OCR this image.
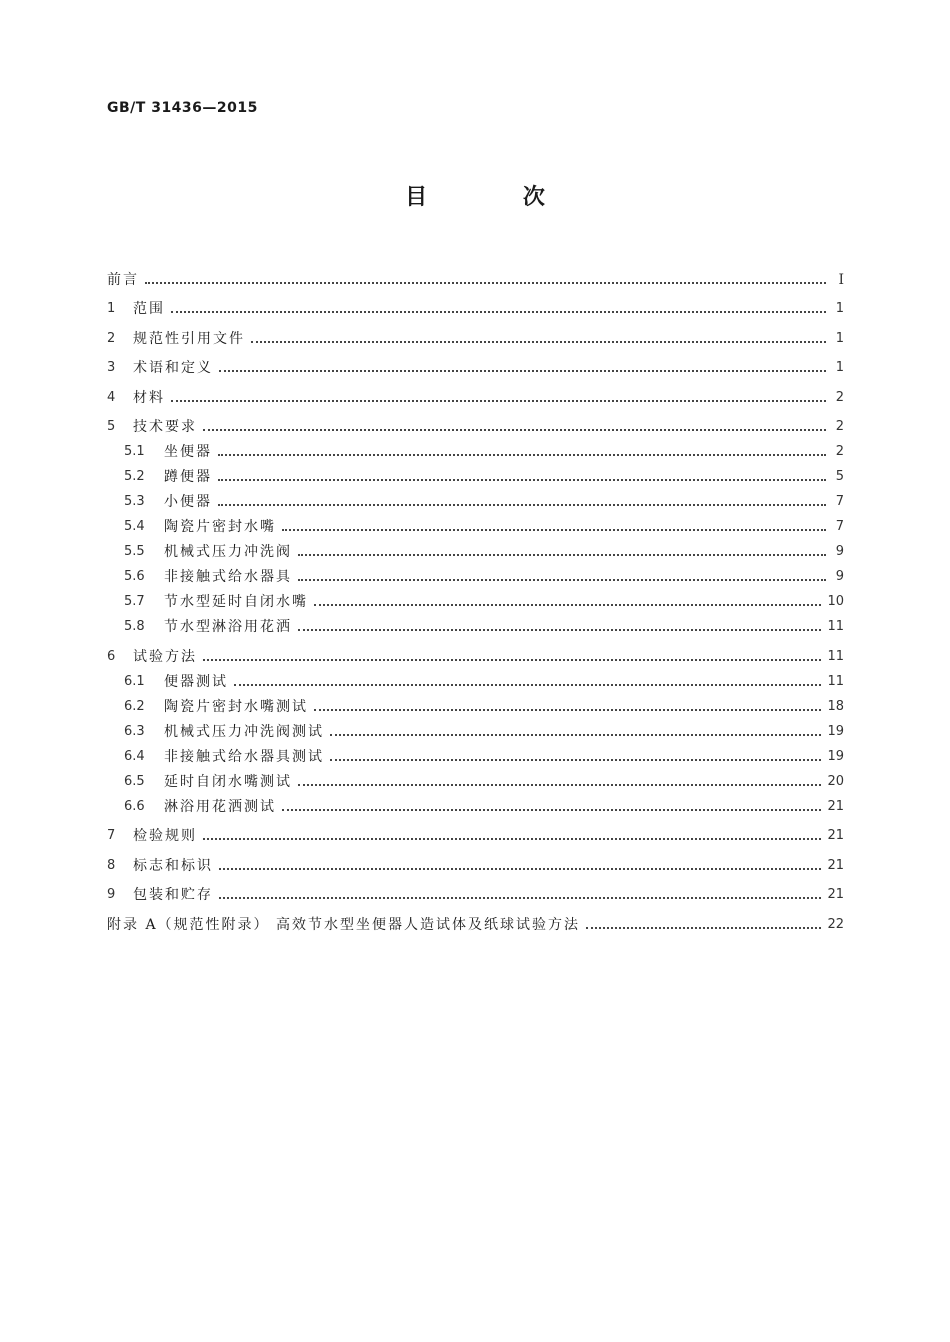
GB/T 31436—2015
目 次
前言	Ⅰ
1	范围	1
2	规范性引用文件	1
3	术语和定义	1
4	材料	2
5	技术要求	2
5.1	坐便器	2
5.2	蹲便器	5
5.3	小便器	7
5.4	陶瓷片密封水嘴	7
5.5	机械式压力冲洗阀	9
5.6	非接触式给水器具	9
5.7	节水型延时自闭水嘴	10
5.8	节水型淋浴用花洒	11
6	试验方法	11
6.1	便器测试	11
6.2	陶瓷片密封水嘴测试	18
6.3	机械式压力冲洗阀测试	19
6.4	非接触式给水器具测试	19
6.5	延时自闭水嘴测试	20
6.6	淋浴用花洒测试	21
7	检验规则	21
8	标志和标识	21
9	包装和贮存	21
附录 A（规范性附录） 高效节水型坐便器人造试体及纸球试验方法	22
